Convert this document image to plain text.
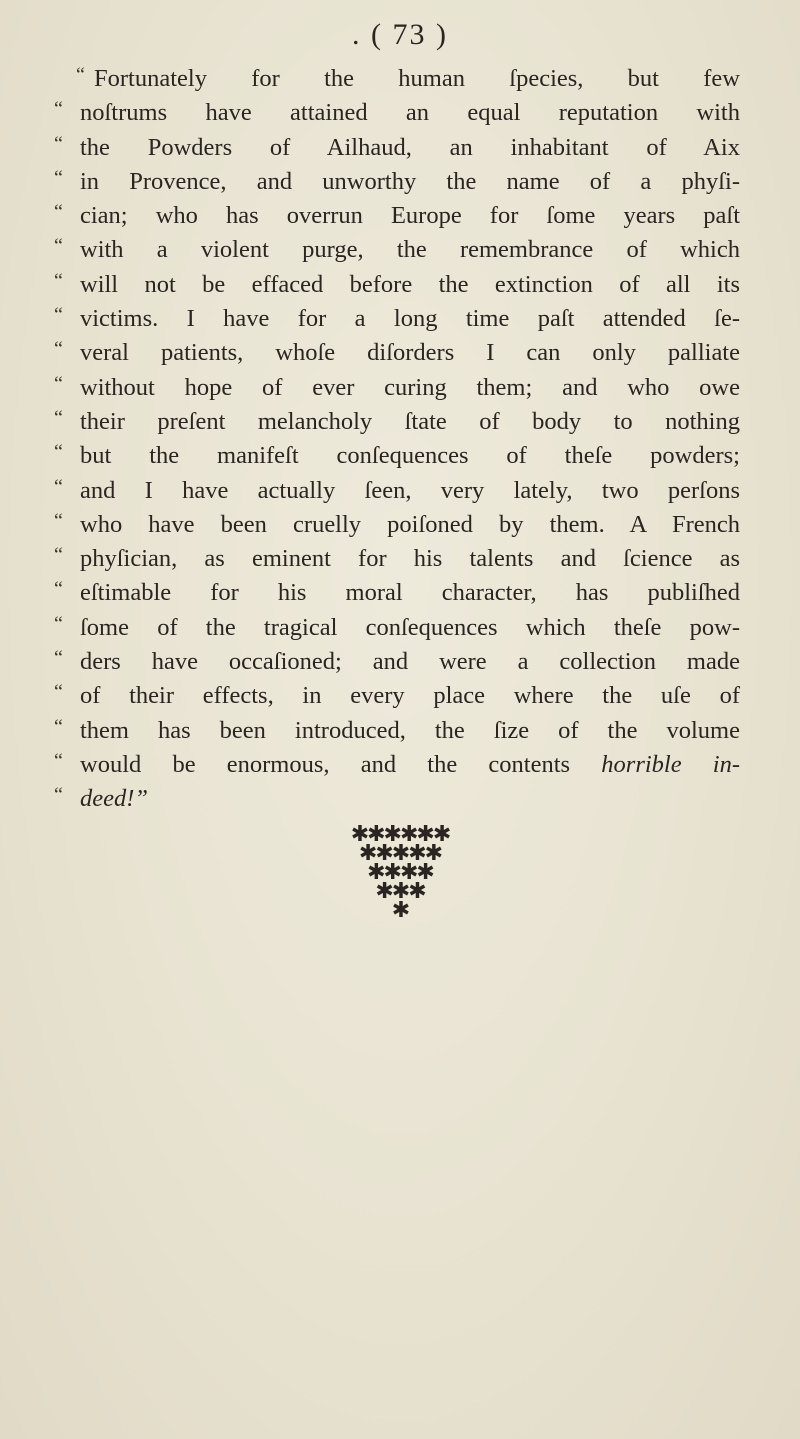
. ( 73 )
“ Fortunately for the human ſpecies, but few
“ noſtrums have attained an equal reputation with
“ the Powders of Ailhaud, an inhabitant of Aix
“ in Provence, and unworthy the name of a phyſi-
“ cian; who has overrun Europe for ſome years paſt
“ with a violent purge, the remembrance of which
“ will not be effaced before the extinction of all its
“ victims. I have for a long time paſt attended ſe-
“ veral patients, whoſe diſorders I can only palliate
“ without hope of ever curing them; and who owe
“ their preſent melancholy ſtate of body to nothing
“ but the manifeſt conſequences of theſe powders;
“ and I have actually ſeen, very lately, two perſons
“ who have been cruelly poiſoned by them. A French
“ phyſician, as eminent for his talents and ſcience as
“ eſtimable for his moral character, has publiſhed
“ ſome of the tragical conſequences which theſe pow-
“ ders have occaſioned; and were a collection made
“ of their effects, in every place where the uſe of
“ them has been introduced, the ſize of the volume
“ would be enormous, and the contents horrible in-
“ deed!”
✱✱✱✱✱✱
✱✱✱✱✱
✱✱✱✱
✱✱✱
✱
